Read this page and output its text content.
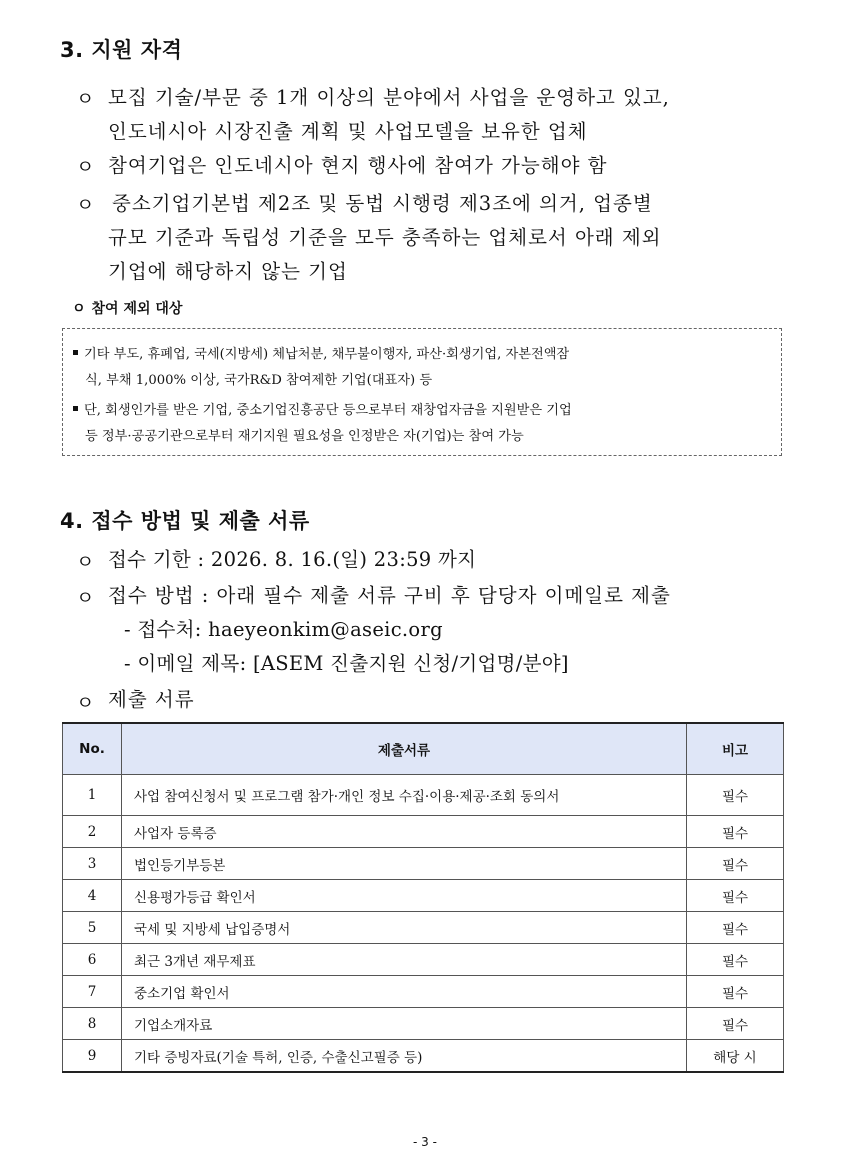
3. 지원 자격
ㅇ 모집 기술/부문 중 1개 이상의 분야에서 사업을 운영하고 있고,
인도네시아 시장진출 계획 및 사업모델을 보유한 업체
ㅇ 참여기업은 인도네시아 현지 행사에 참여가 가능해야 함
ㅇ 중소기업기본법 제2조 및 동법 시행령 제3조에 의거, 업종별
규모 기준과 독립성 기준을 모두 충족하는 업체로서 아래 제외
기업에 해당하지 않는 기업
ㅇ 참여 제외 대상
기타 부도, 휴폐업, 국세(지방세) 체납처분, 채무불이행자, 파산·회생기업, 자본전액잠
식, 부채 1,000% 이상, 국가R&D 참여제한 기업(대표자) 등
단, 회생인가를 받은 기업, 중소기업진흥공단 등으로부터 재창업자금을 지원받은 기업
등 정부·공공기관으로부터 재기지원 필요성을 인정받은 자(기업)는 참여 가능
4. 접수 방법 및 제출 서류
ㅇ 접수 기한 : 2026. 8. 16.(일) 23:59 까지
ㅇ 접수 방법 : 아래 필수 제출 서류 구비 후 담당자 이메일로 제출
- 접수처: haeyeonkim@aseic.org
- 이메일 제목: [ASEM 진출지원 신청/기업명/분야]
ㅇ 제출 서류
No.	제출서류	비고
1	사업 참여신청서 및 프로그램 참가·개인 정보 수집·이용·제공·조회 동의서	필수
2	사업자 등록증	필수
3	법인등기부등본	필수
4	신용평가등급 확인서	필수
5	국세 및 지방세 납입증명서	필수
6	최근 3개년 재무제표	필수
7	중소기업 확인서	필수
8	기업소개자료	필수
9	기타 증빙자료(기술 특허, 인증, 수출신고필증 등)	해당 시
- 3 -
